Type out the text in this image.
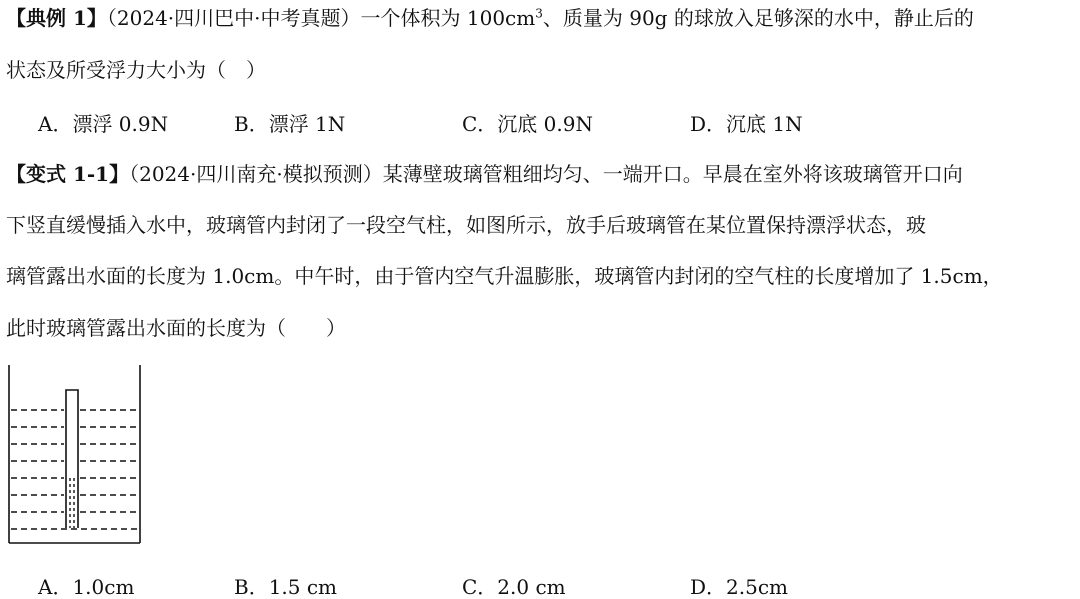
【典例 1】（2024·四川巴中·中考真题）一个体积为 $100cm^3$、质量为 90g 的球放入足够深的水中，静止后的
状态及所受浮力大小为（　）
A．漂浮 0.9N	B．漂浮 1N	C．沉底 0.9N	D．沉底 1N
【变式 1-1】（2024·四川南充·模拟预测）某薄壁玻璃管粗细均匀、一端开口。早晨在室外将该玻璃管开口向
下竖直缓慢插入水中，玻璃管内封闭了一段空气柱，如图所示，放手后玻璃管在某位置保持漂浮状态，玻
璃管露出水面的长度为 1.0cm。中午时，由于管内空气升温膨胀，玻璃管内封闭的空气柱的长度增加了 1.5cm，
此时玻璃管露出水面的长度为（　　）
A．1.0cm	B．1.5 cm	C．2.0 cm	D．2.5cm
